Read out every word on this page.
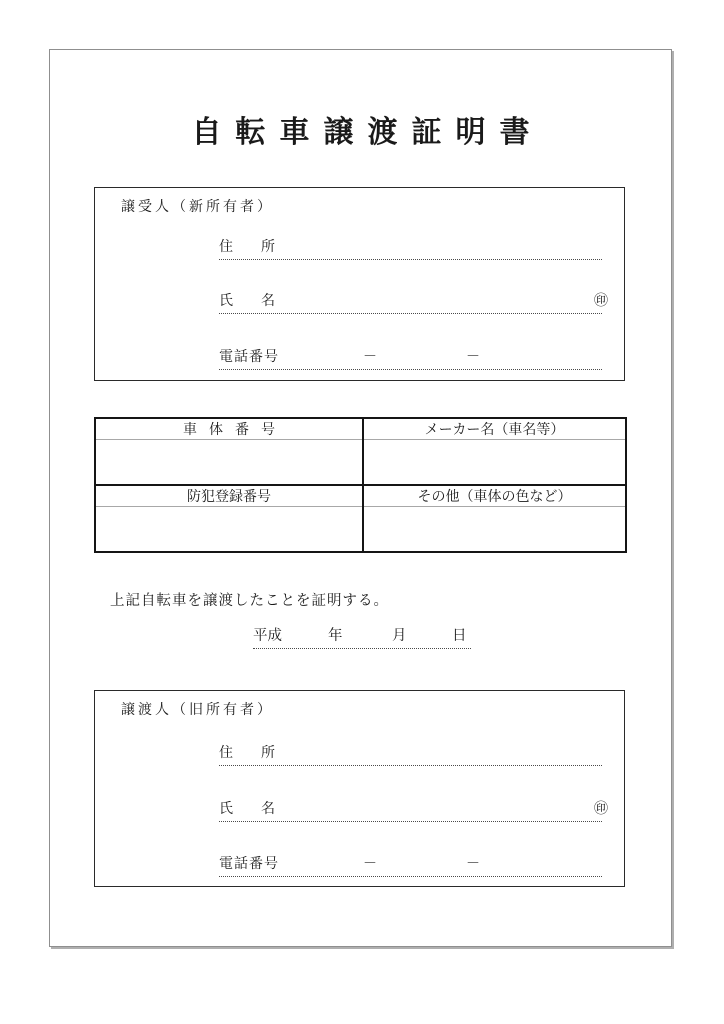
自転車譲渡証明書
譲受人（新所有者）
住　所
氏　名	㊞
電話番号	－	－
車体番号	メーカー名（車名等）

防犯登録番号	その他（車体の色など）

上記自転車を譲渡したことを証明する。
平成	年	月	日
譲渡人（旧所有者）
住　所
氏　名	㊞
電話番号	－	－
